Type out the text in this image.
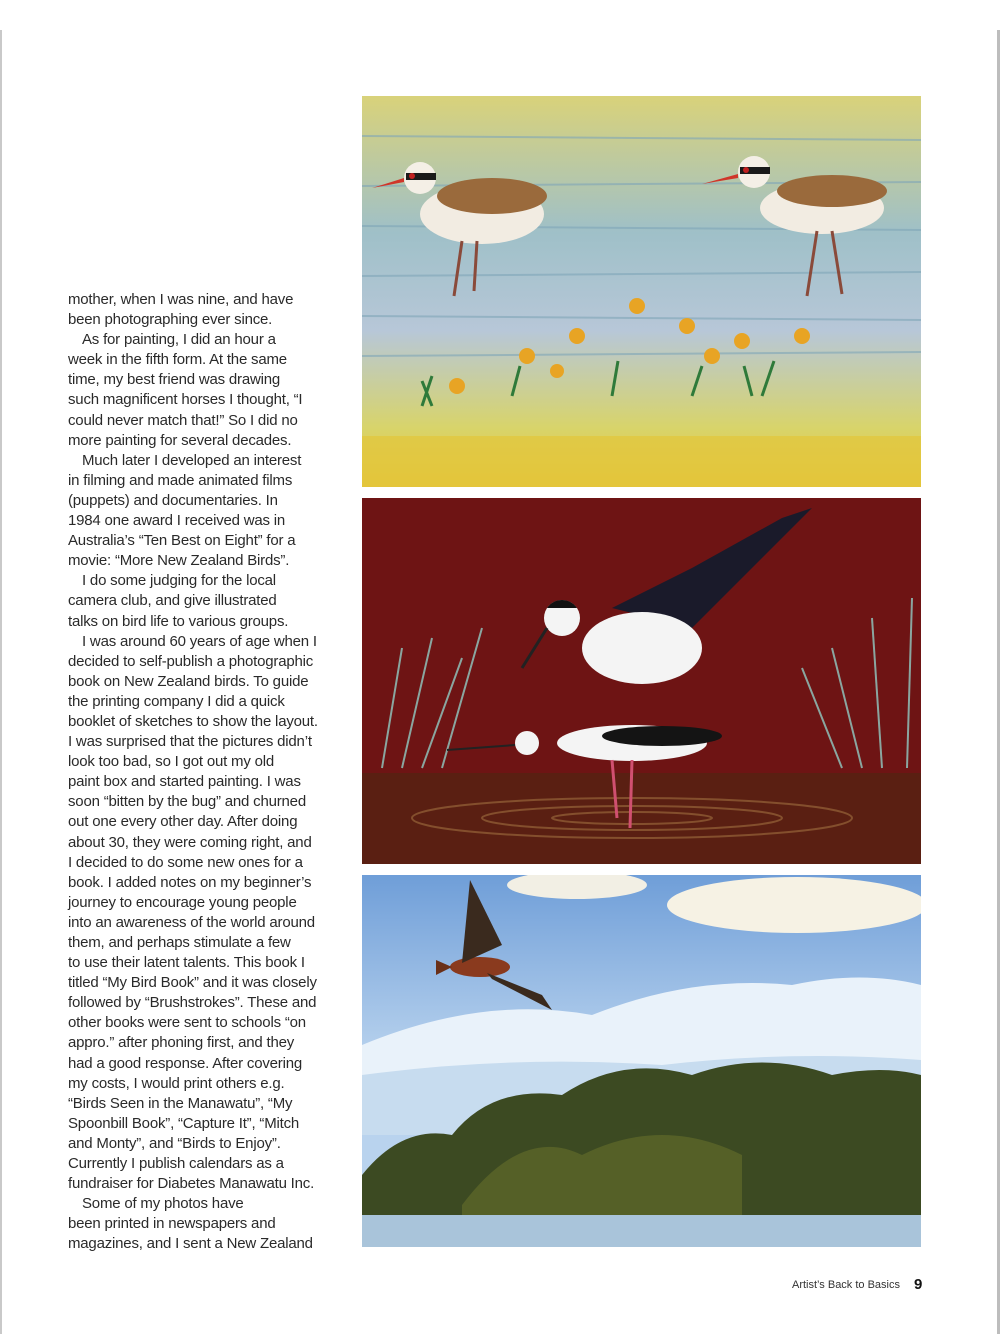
mother, when I was nine, and have
been photographing ever since.
As for painting, I did an hour a
week in the fifth form. At the same
time, my best friend was drawing
such magnificent horses I thought, “I
could never match that!” So I did no
more painting for several decades.
Much later I developed an interest
in filming and made animated films
(puppets) and documentaries. In
1984 one award I received was in
Australia’s “Ten Best on Eight” for a
movie: “More New Zealand Birds”.
I do some judging for the local
camera club, and give illustrated
talks on bird life to various groups.
I was around 60 years of age when I
decided to self-publish a photographic
book on New Zealand birds. To guide
the printing company I did a quick
booklet of sketches to show the layout.
I was surprised that the pictures didn’t
look too bad, so I got out my old
paint box and started painting. I was
soon “bitten by the bug” and churned
out one every other day. After doing
about 30, they were coming right, and
I decided to do some new ones for a
book. I added notes on my beginner’s
journey to encourage young people
into an awareness of the world around
them, and perhaps stimulate a few
to use their latent talents. This book I
titled “My Bird Book” and it was closely
followed by “Brushstrokes”. These and
other books were sent to schools “on
appro.” after phoning first, and they
had a good response. After covering
my costs, I would print others e.g.
“Birds Seen in the Manawatu”, “My
Spoonbill Book”, “Capture It”, “Mitch
and Monty”, and “Birds to Enjoy”.
Currently I publish calendars as a
fundraiser for Diabetes Manawatu Inc.
Some of my photos have
been printed in newspapers and
magazines, and I sent a New Zealand
Artist’s Back to Basics 9
